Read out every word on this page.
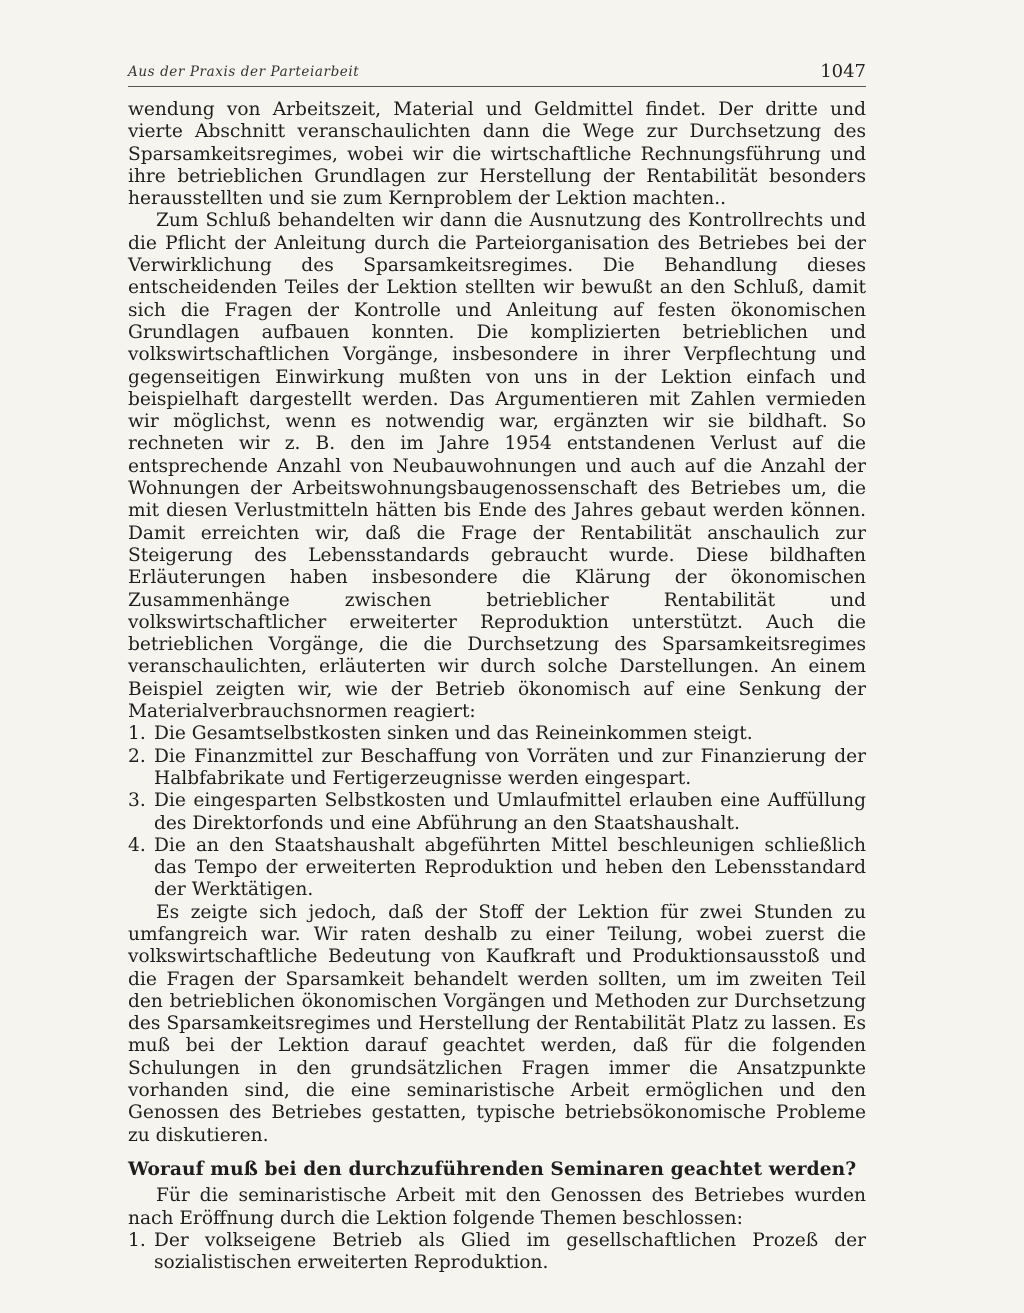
Aus der Praxis der Parteiarbeit	1047

wendung von Arbeitszeit, Material und Geldmittel findet. Der dritte und vierte Abschnitt veranschaulichten dann die Wege zur Durchsetzung des Sparsamkeitsregimes, wobei wir die wirtschaftliche Rechnungsführung und ihre betrieblichen Grundlagen zur Herstellung der Rentabilität besonders herausstellten und sie zum Kernproblem der Lektion machten..

Zum Schluß behandelten wir dann die Ausnutzung des Kontrollrechts und die Pflicht der Anleitung durch die Parteiorganisation des Betriebes bei der Verwirklichung des Sparsamkeitsregimes. Die Behandlung dieses entscheidenden Teiles der Lektion stellten wir bewußt an den Schluß, damit sich die Fragen der Kontrolle und Anleitung auf festen ökonomischen Grundlagen aufbauen konnten. Die komplizierten betrieblichen und volkswirtschaftlichen Vorgänge, insbesondere in ihrer Verpflechtung und gegenseitigen Einwirkung mußten von uns in der Lektion einfach und beispielhaft dargestellt werden. Das Argumentieren mit Zahlen vermieden wir möglichst, wenn es notwendig war, ergänzten wir sie bildhaft. So rechneten wir z. B. den im Jahre 1954 entstandenen Verlust auf die entsprechende Anzahl von Neubauwohnungen und auch auf die Anzahl der Wohnungen der Arbeitswohnungsbaugenossenschaft des Betriebes um, die mit diesen Verlustmitteln hätten bis Ende des Jahres gebaut werden können. Damit erreichten wir, daß die Frage der Rentabilität anschaulich zur Steigerung des Lebensstandards gebraucht wurde. Diese bildhaften Erläuterungen haben insbesondere die Klärung der ökonomischen Zusammenhänge zwischen betrieblicher Rentabilität und volkswirtschaftlicher erweiterter Reproduktion unterstützt. Auch die betrieblichen Vorgänge, die die Durchsetzung des Sparsamkeitsregimes veranschaulichten, erläuterten wir durch solche Darstellungen. An einem Beispiel zeigten wir, wie der Betrieb ökonomisch auf eine Senkung der Materialverbrauchsnormen reagiert:

1. Die Gesamtselbstkosten sinken und das Reineinkommen steigt.
2. Die Finanzmittel zur Beschaffung von Vorräten und zur Finanzierung der Halbfabrikate und Fertigerzeugnisse werden eingespart.
3. Die eingesparten Selbstkosten und Umlaufmittel erlauben eine Auffüllung des Direktorfonds und eine Abführung an den Staatshaushalt.
4. Die an den Staatshaushalt abgeführten Mittel beschleunigen schließlich das Tempo der erweiterten Reproduktion und heben den Lebensstandard der Werktätigen.

Es zeigte sich jedoch, daß der Stoff der Lektion für zwei Stunden zu umfangreich war. Wir raten deshalb zu einer Teilung, wobei zuerst die volkswirtschaftliche Bedeutung von Kaufkraft und Produktionsausstoß und die Fragen der Sparsamkeit behandelt werden sollten, um im zweiten Teil den betrieblichen ökonomischen Vorgängen und Methoden zur Durchsetzung des Sparsamkeitsregimes und Herstellung der Rentabilität Platz zu lassen. Es muß bei der Lektion darauf geachtet werden, daß für die folgenden Schulungen in den grundsätzlichen Fragen immer die Ansatzpunkte vorhanden sind, die eine seminaristische Arbeit ermöglichen und den Genossen des Betriebes gestatten, typische betriebsökonomische Probleme zu diskutieren.

Worauf muß bei den durchzuführenden Seminaren geachtet werden?

Für die seminaristische Arbeit mit den Genossen des Betriebes wurden nach Eröffnung durch die Lektion folgende Themen beschlossen:

1. Der volkseigene Betrieb als Glied im gesellschaftlichen Prozeß der sozialistischen erweiterten Reproduktion.
